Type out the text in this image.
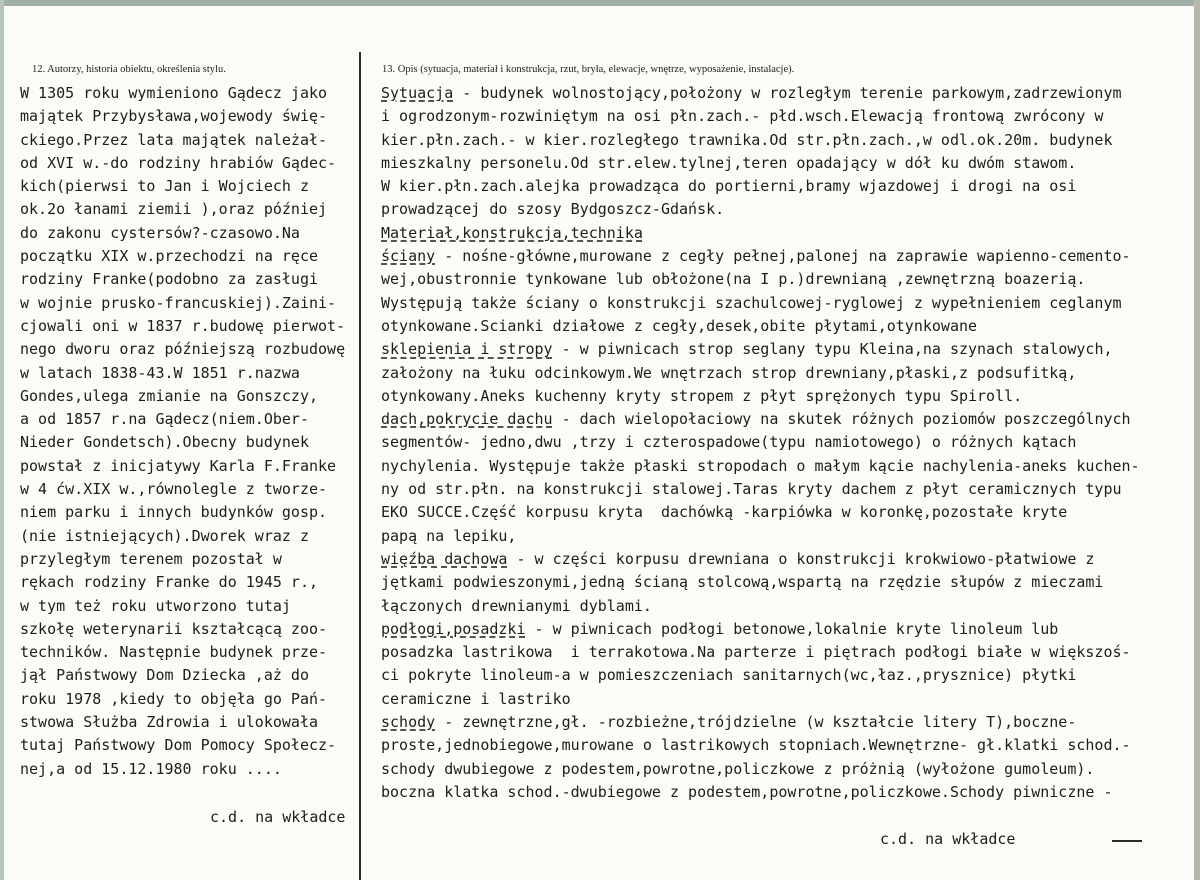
12. Autorzy, historia obiektu, określenia stylu.	13. Opis (sytuacja, materiał i konstrukcja, rzut, bryła, elewacje, wnętrze, wyposażenie, instalacje).
W 1305 roku wymieniono Gądecz jako
majątek Przybysława,wojewody świę-
ckiego.Przez lata majątek należał-
od XVI w.-do rodziny hrabiów Gądec-
kich(pierwsi to Jan i Wojciech z
ok.2o łanami ziemii ),oraz później
do zakonu cystersów?-czasowo.Na
początku XIX w.przechodzi na ręce
rodziny Franke(podobno za zasługi
w wojnie prusko-francuskiej).Zaini-
cjowali oni w 1837 r.budowę pierwot-
nego dworu oraz późniejszą rozbudowę
w latach 1838-43.W 1851 r.nazwa
Gondes,ulega zmianie na Gonszczy,
a od 1857 r.na Gądecz(niem.Ober-
Nieder Gondetsch).Obecny budynek
powstał z inicjatywy Karla F.Franke
w 4 ćw.XIX w.,równolegle z tworze-
niem parku i innych budynków gosp.
(nie istniejących).Dworek wraz z
przyległym terenem pozostał w
rękach rodziny Franke do 1945 r.,
w tym też roku utworzono tutaj
szkołę weterynarii kształcącą zoo-
techników. Następnie budynek prze-
jął Państwowy Dom Dziecka ,aż do
roku 1978 ,kiedy to objęła go Pań-
stwowa Służba Zdrowia i ulokowała
tutaj Państwowy Dom Pomocy Społecz-
nej,a od 15.12.1980 roku ....
c.d. na wkładce
Sytuacja - budynek wolnostojący,położony w rozległym terenie parkowym,zadrzewionym
i ogrodzonym-rozwiniętym na osi płn.zach.- płd.wsch.Elewacją frontową zwrócony w
kier.płn.zach.- w kier.rozległego trawnika.Od str.płn.zach.,w odl.ok.20m. budynek
mieszkalny personelu.Od str.elew.tylnej,teren opadający w dół ku dwóm stawom.
W kier.płn.zach.alejka prowadząca do portierni,bramy wjazdowej i drogi na osi
prowadzącej do szosy Bydgoszcz-Gdańsk.
Materiał,konstrukcja,technika
ściany - nośne-główne,murowane z cegły pełnej,palonej na zaprawie wapienno-cemento-
wej,obustronnie tynkowane lub obłożone(na I p.)drewnianą ,zewnętrzną boazerią.
Występują także ściany o konstrukcji szachulcowej-ryglowej z wypełnieniem ceglanym
otynkowane.Scianki działowe z cegły,desek,obite płytami,otynkowane
sklepienia i stropy - w piwnicach strop seglany typu Kleina,na szynach stalowych,
założony na łuku odcinkowym.We wnętrzach strop drewniany,płaski,z podsufitką,
otynkowany.Aneks kuchenny kryty stropem z płyt sprężonych typu Spiroll.
dach,pokrycie dachu - dach wielopołaciowy na skutek różnych poziomów poszczególnych
segmentów- jedno,dwu ,trzy i czterospadowe(typu namiotowego) o różnych kątach
nychylenia. Występuje także płaski stropodach o małym kącie nachylenia-aneks kuchen-
ny od str.płn. na konstrukcji stalowej.Taras kryty dachem z płyt ceramicznych typu
EKO SUCCE.Część korpusu kryta  dachówką -karpiówka w koronkę,pozostałe kryte
papą na lepiku,
więźba dachowa - w części korpusu drewniana o konstrukcji krokwiowo-płatwiowe z
jętkami podwieszonymi,jedną ścianą stolcową,wspartą na rzędzie słupów z mieczami
łączonych drewnianymi dyblami.
podłogi,posadzki - w piwnicach podłogi betonowe,lokalnie kryte linoleum lub
posadzka lastrikowa  i terrakotowa.Na parterze i piętrach podłogi białe w większoś-
ci pokryte linoleum-a w pomieszczeniach sanitarnych(wc,łaz.,prysznice) płytki
ceramiczne i lastriko
schody - zewnętrzne,gł. -rozbieżne,trójdzielne (w kształcie litery T),boczne-
proste,jednobiegowe,murowane o lastrikowych stopniach.Wewnętrzne- gł.klatki schod.-
schody dwubiegowe z podestem,powrotne,policzkowe z próżnią (wyłożone gumoleum).
boczna klatka schod.-dwubiegowe z podestem,powrotne,policzkowe.Schody piwniczne -
c.d. na wkładce
